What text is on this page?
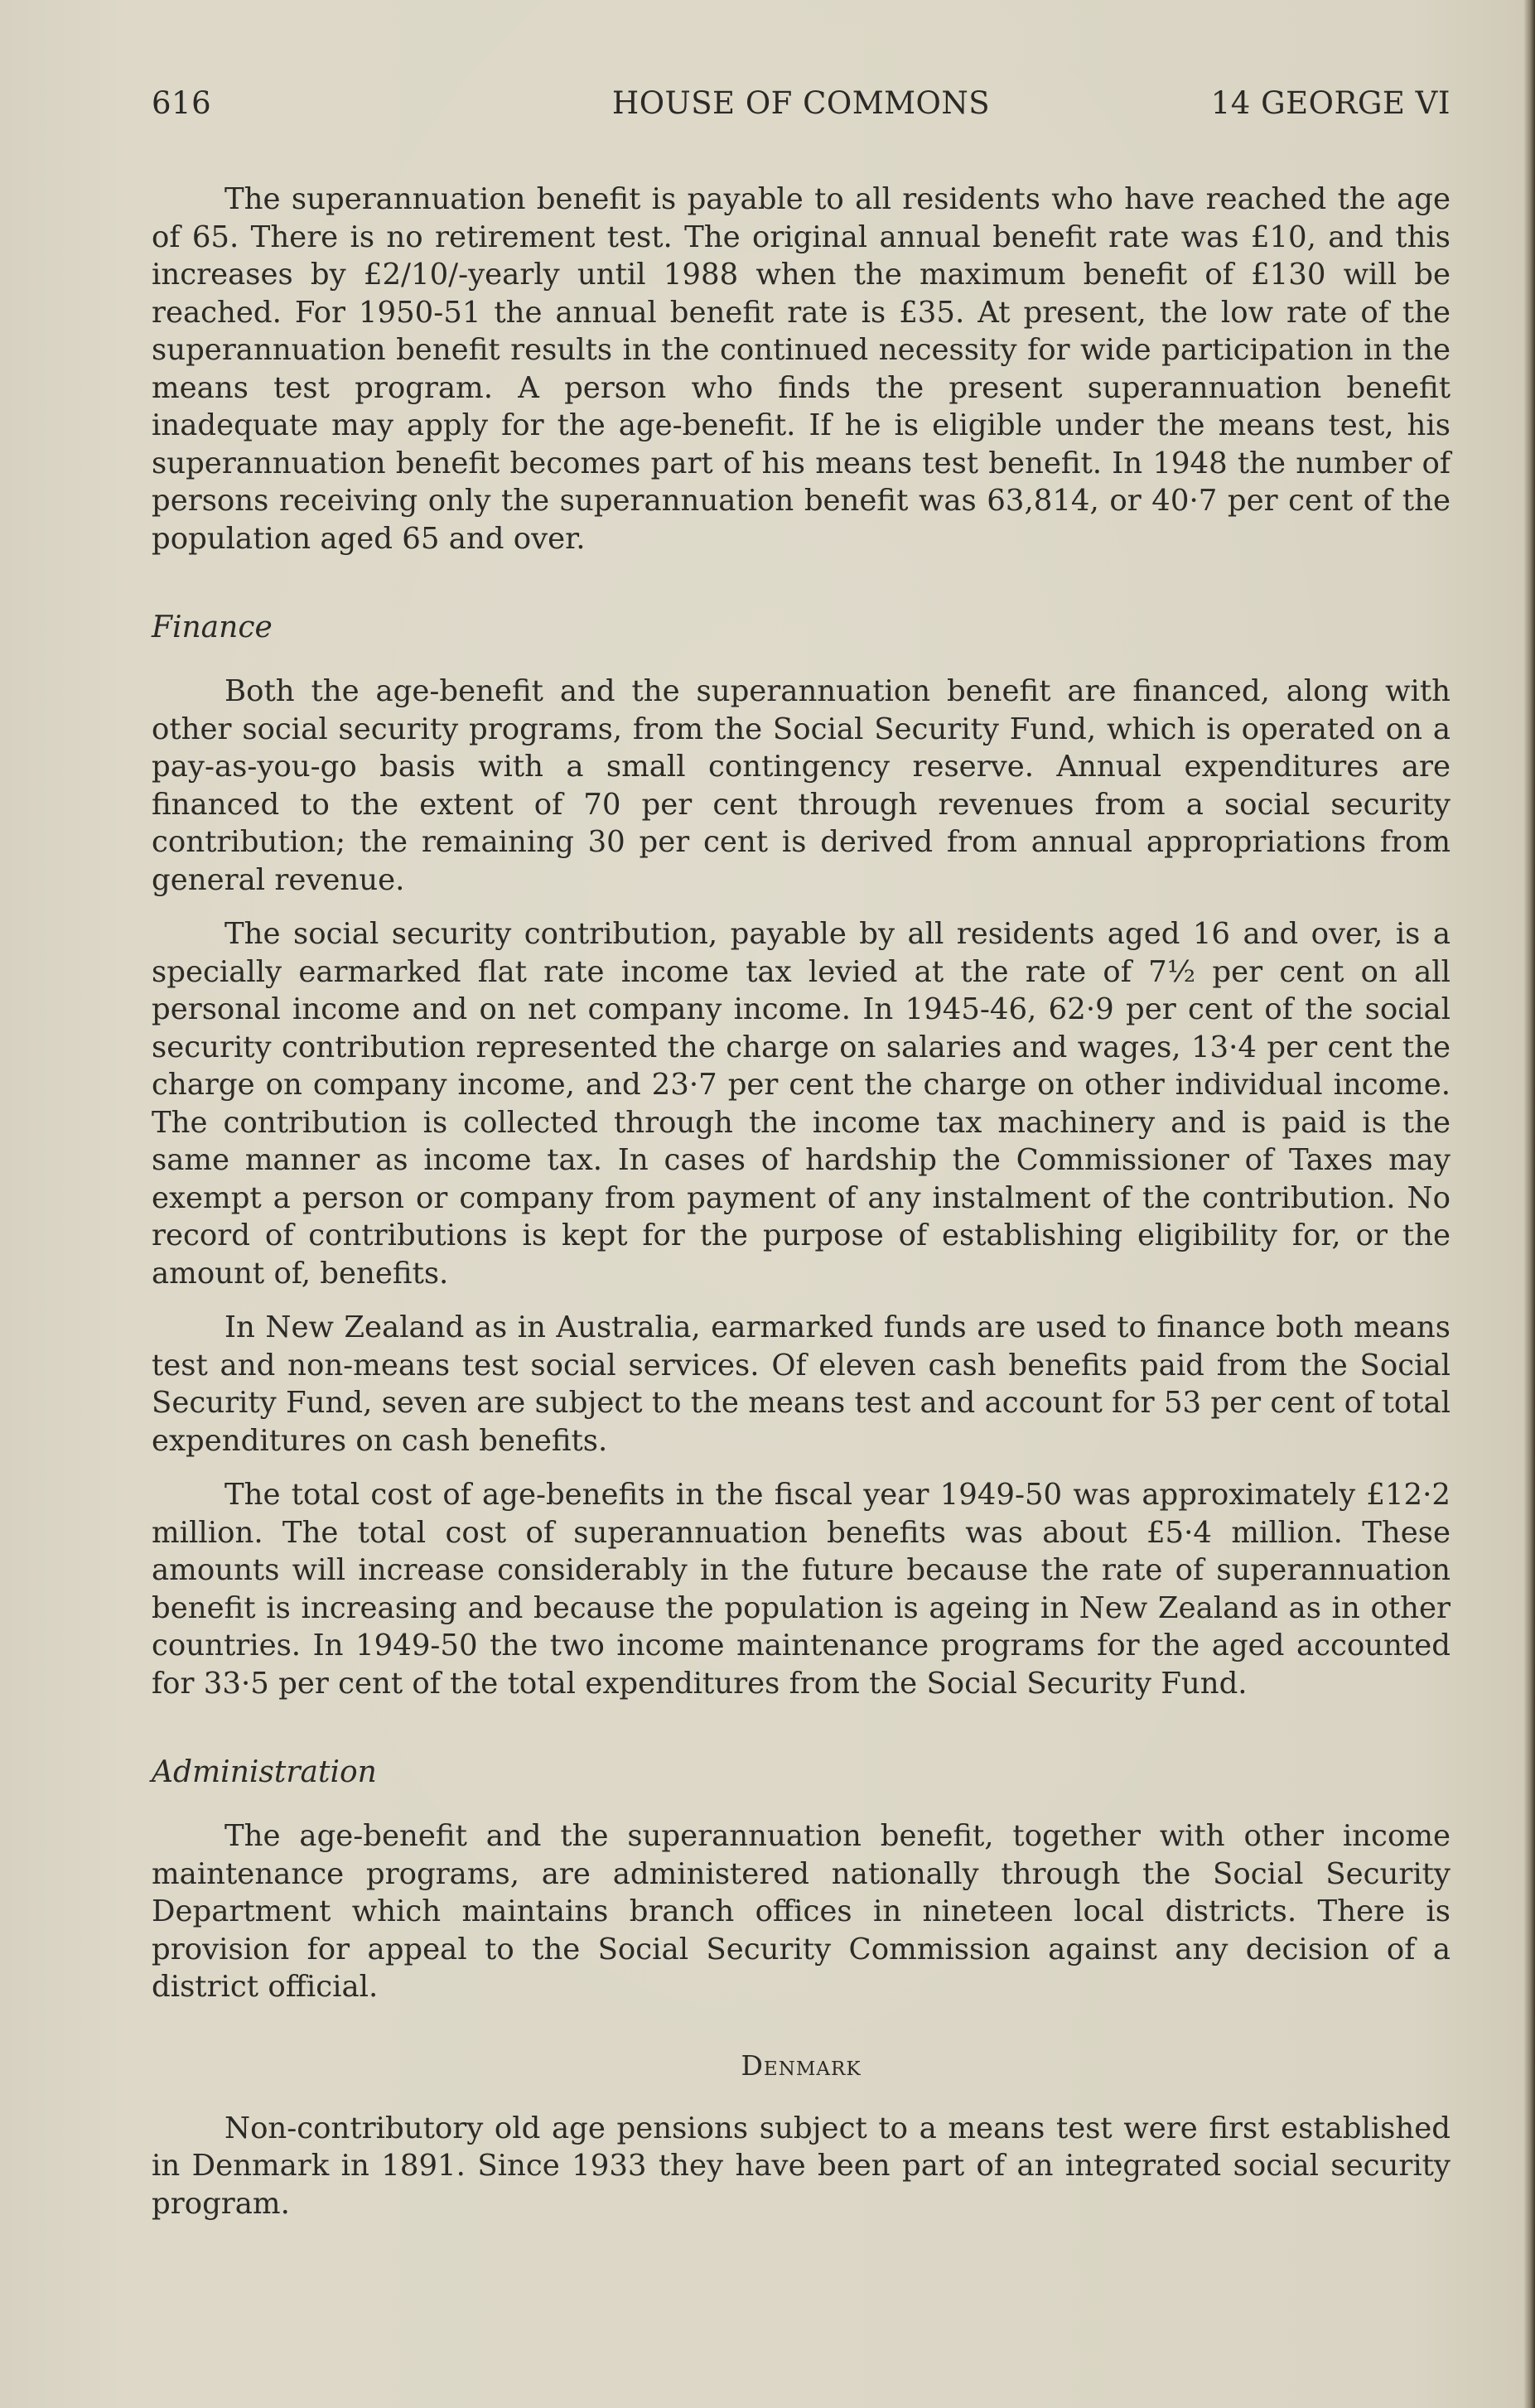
616	HOUSE OF COMMONS	14 GEORGE VI

The superannuation benefit is payable to all residents who have reached the age of 65. There is no retirement test. The original annual benefit rate was £10, and this increases by £2/10/-yearly until 1988 when the maximum benefit of £130 will be reached. For 1950-51 the annual benefit rate is £35. At present, the low rate of the superannuation benefit results in the continued necessity for wide participation in the means test program. A person who finds the present superannuation benefit inadequate may apply for the age-benefit. If he is eligible under the means test, his superannuation benefit becomes part of his means test benefit. In 1948 the number of persons receiving only the superannuation benefit was 63,814, or 40·7 per cent of the population aged 65 and over.

Finance

Both the age-benefit and the superannuation benefit are financed, along with other social security programs, from the Social Security Fund, which is operated on a pay-as-you-go basis with a small contingency reserve. Annual expenditures are financed to the extent of 70 per cent through revenues from a social security contribution; the remaining 30 per cent is derived from annual appropriations from general revenue.

The social security contribution, payable by all residents aged 16 and over, is a specially earmarked flat rate income tax levied at the rate of 7½ per cent on all personal income and on net company income. In 1945-46, 62·9 per cent of the social security contribution represented the charge on salaries and wages, 13·4 per cent the charge on company income, and 23·7 per cent the charge on other individual income. The contribution is collected through the income tax machinery and is paid is the same manner as income tax. In cases of hardship the Commissioner of Taxes may exempt a person or company from payment of any instalment of the contribution. No record of contributions is kept for the purpose of establishing eligibility for, or the amount of, benefits.

In New Zealand as in Australia, earmarked funds are used to finance both means test and non-means test social services. Of eleven cash benefits paid from the Social Security Fund, seven are subject to the means test and account for 53 per cent of total expenditures on cash benefits.

The total cost of age-benefits in the fiscal year 1949-50 was approximately £12·2 million. The total cost of superannuation benefits was about £5·4 million. These amounts will increase considerably in the future because the rate of superannuation benefit is increasing and because the population is ageing in New Zealand as in other countries. In 1949-50 the two income maintenance programs for the aged accounted for 33·5 per cent of the total expenditures from the Social Security Fund.

Administration

The age-benefit and the superannuation benefit, together with other income maintenance programs, are administered nationally through the Social Security Department which maintains branch offices in nineteen local districts. There is provision for appeal to the Social Security Commission against any decision of a district official.

Denmark

Non-contributory old age pensions subject to a means test were first established in Denmark in 1891. Since 1933 they have been part of an integrated social security program.
